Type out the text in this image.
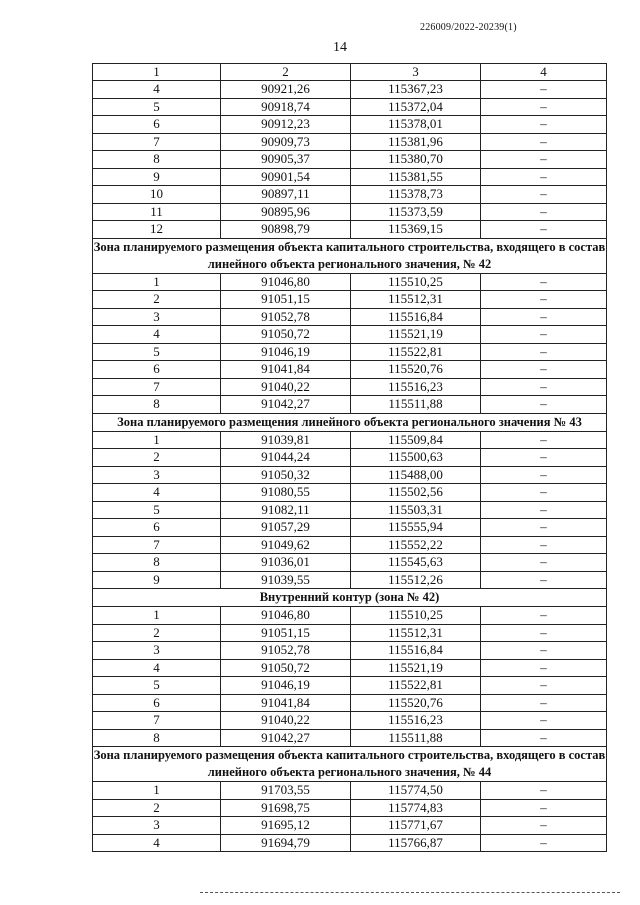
226009/2022-20239(1)
14
1	2	3	4
4	90921,26	115367,23	–
5	90918,74	115372,04	–
6	90912,23	115378,01	–
7	90909,73	115381,96	–
8	90905,37	115380,70	–
9	90901,54	115381,55	–
10	90897,11	115378,73	–
11	90895,96	115373,59	–
12	90898,79	115369,15	–
Зона планируемого размещения объекта капитального строительства, входящего в состав линейного объекта регионального значения, № 42			
1	91046,80	115510,25	–
2	91051,15	115512,31	–
3	91052,78	115516,84	–
4	91050,72	115521,19	–
5	91046,19	115522,81	–
6	91041,84	115520,76	–
7	91040,22	115516,23	–
8	91042,27	115511,88	–
Зона планируемого размещения линейного объекта регионального значения № 43			
1	91039,81	115509,84	–
2	91044,24	115500,63	–
3	91050,32	115488,00	–
4	91080,55	115502,56	–
5	91082,11	115503,31	–
6	91057,29	115555,94	–
7	91049,62	115552,22	–
8	91036,01	115545,63	–
9	91039,55	115512,26	–
Внутренний контур (зона № 42)			
1	91046,80	115510,25	–
2	91051,15	115512,31	–
3	91052,78	115516,84	–
4	91050,72	115521,19	–
5	91046,19	115522,81	–
6	91041,84	115520,76	–
7	91040,22	115516,23	–
8	91042,27	115511,88	–
Зона планируемого размещения объекта капитального строительства, входящего в состав линейного объекта регионального значения, № 44			
1	91703,55	115774,50	–
2	91698,75	115774,83	–
3	91695,12	115771,67	–
4	91694,79	115766,87	–
